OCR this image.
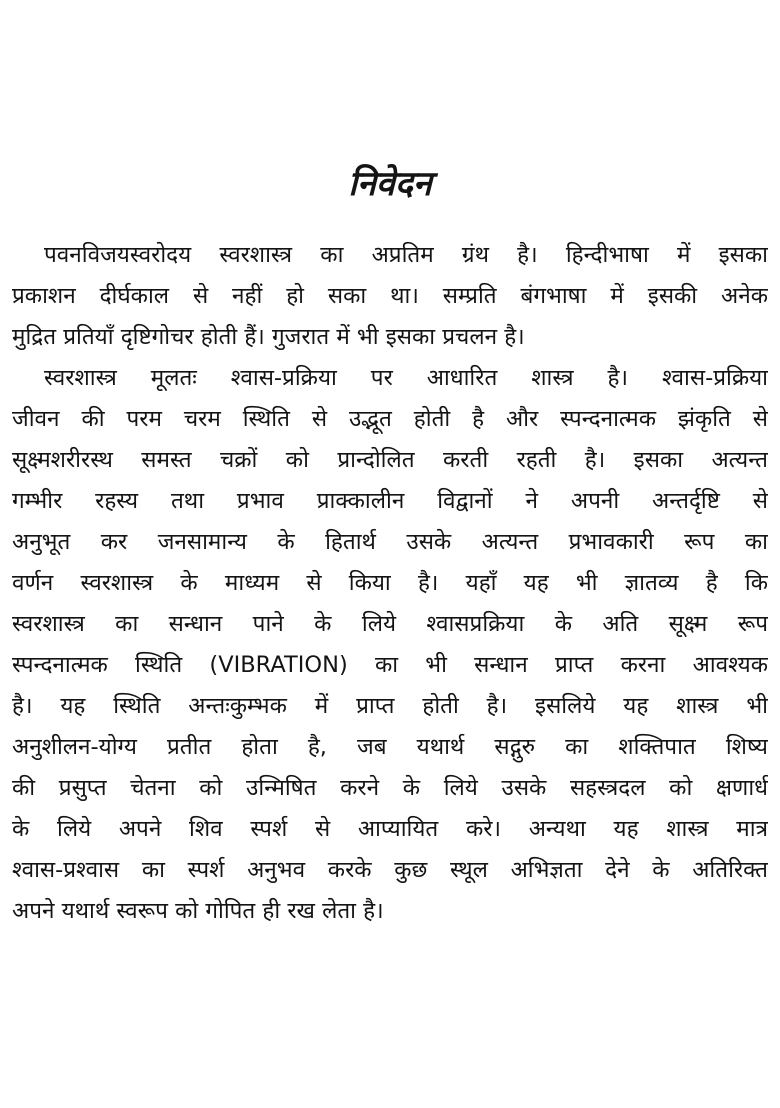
निवेदन
पवनविजयस्वरोदय स्वरशास्त्र का अप्रतिम ग्रंथ है। हिन्दीभाषा में इसका
प्रकाशन दीर्घकाल से नहीं हो सका था। सम्प्रति बंगभाषा में इसकी अनेक
मुद्रित प्रतियाँ दृष्टिगोचर होती हैं। गुजरात में भी इसका प्रचलन है।
स्वरशास्त्र मूलतः श्वास-प्रक्रिया पर आधारित शास्त्र है। श्वास-प्रक्रिया
जीवन की परम चरम स्थिति से उद्भूत होती है और स्पन्दनात्मक झंकृति से
सूक्ष्मशरीरस्थ समस्त चक्रों को प्रान्दोलित करती रहती है। इसका अत्यन्त
गम्भीर रहस्य तथा प्रभाव प्राक्कालीन विद्वानों ने अपनी अन्तर्दृष्टि से
अनुभूत कर जनसामान्य के हितार्थ उसके अत्यन्त प्रभावकारी रूप का
वर्णन स्वरशास्त्र के माध्यम से किया है। यहाँ यह भी ज्ञातव्य है कि
स्वरशास्त्र का सन्धान पाने के लिये श्वासप्रक्रिया के अति सूक्ष्म रूप
स्पन्दनात्मक स्थिति (VIBRATION) का भी सन्धान प्राप्त करना आवश्यक
है। यह स्थिति अन्तःकुम्भक में प्राप्त होती है। इसलिये यह शास्त्र भी
अनुशीलन-योग्य प्रतीत होता है, जब यथार्थ सद्गुरु का शक्तिपात शिष्य
की प्रसुप्त चेतना को उन्मिषित करने के लिये उसके सहस्त्रदल को क्षणार्ध
के लिये अपने शिव स्पर्श से आप्यायित करे। अन्यथा यह शास्त्र मात्र
श्वास-प्रश्वास का स्पर्श अनुभव करके कुछ स्थूल अभिज्ञता देने के अतिरिक्त
अपने यथार्थ स्वरूप को गोपित ही रख लेता है।
